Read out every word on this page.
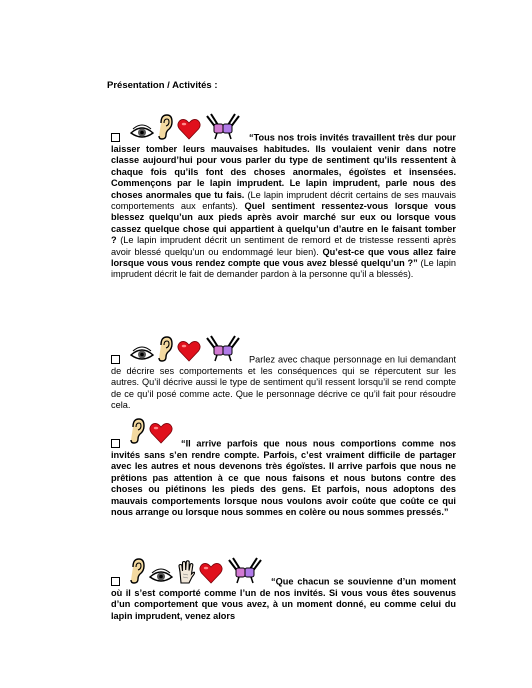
Présentation / Activités :

“Tous nos trois invités travaillent très dur pour laisser tomber leurs mauvaises habitudes. Ils voulaient venir dans notre classe aujourd’hui pour vous parler du type de sentiment qu’ils ressentent à chaque fois qu’ils font des choses anormales, égoïstes et insensées. Commençons par le lapin imprudent. Le lapin imprudent, parle nous des choses anormales que tu fais. (Le lapin imprudent décrit certains de ses mauvais comportements aux enfants). Quel sentiment ressentez-vous lorsque vous blessez quelqu’un aux pieds après avoir marché sur eux ou lorsque vous cassez quelque chose qui appartient à quelqu’un d’autre en le faisant tomber ? (Le lapin imprudent décrit un sentiment de remord et de tristesse ressenti après avoir blessé quelqu’un ou endommagé leur bien). Qu’est-ce que vous allez faire lorsque vous vous rendez compte que vous avez blessé quelqu’un ?” (Le lapin imprudent décrit le fait de demander pardon à la personne qu’il a blessés).

Parlez avec chaque personnage en lui demandant de décrire ses comportements et les conséquences qui se répercutent sur les autres. Qu’il décrive aussi le type de sentiment qu’il ressent lorsqu’il se rend compte de ce qu’il posé comme acte. Que le personnage décrive ce qu’il fait pour résoudre cela.

“Il arrive parfois que nous nous comportions comme nos invités sans s’en rendre compte. Parfois, c’est vraiment difficile de partager avec les autres et nous devenons très égoïstes. Il arrive parfois que nous ne prêtions pas attention à ce que nous faisons et nous butons contre des choses ou piétinons les pieds des gens. Et parfois, nous adoptons des mauvais comportements lorsque nous voulons avoir coûte que coûte ce qui nous arrange ou lorsque nous sommes en colère ou nous sommes pressés.”

“Que chacun se souvienne d’un moment où il s’est comporté comme l’un de nos invités. Si vous vous êtes souvenus d’un comportement que vous avez, à un moment donné, eu comme celui du lapin imprudent, venez alors
